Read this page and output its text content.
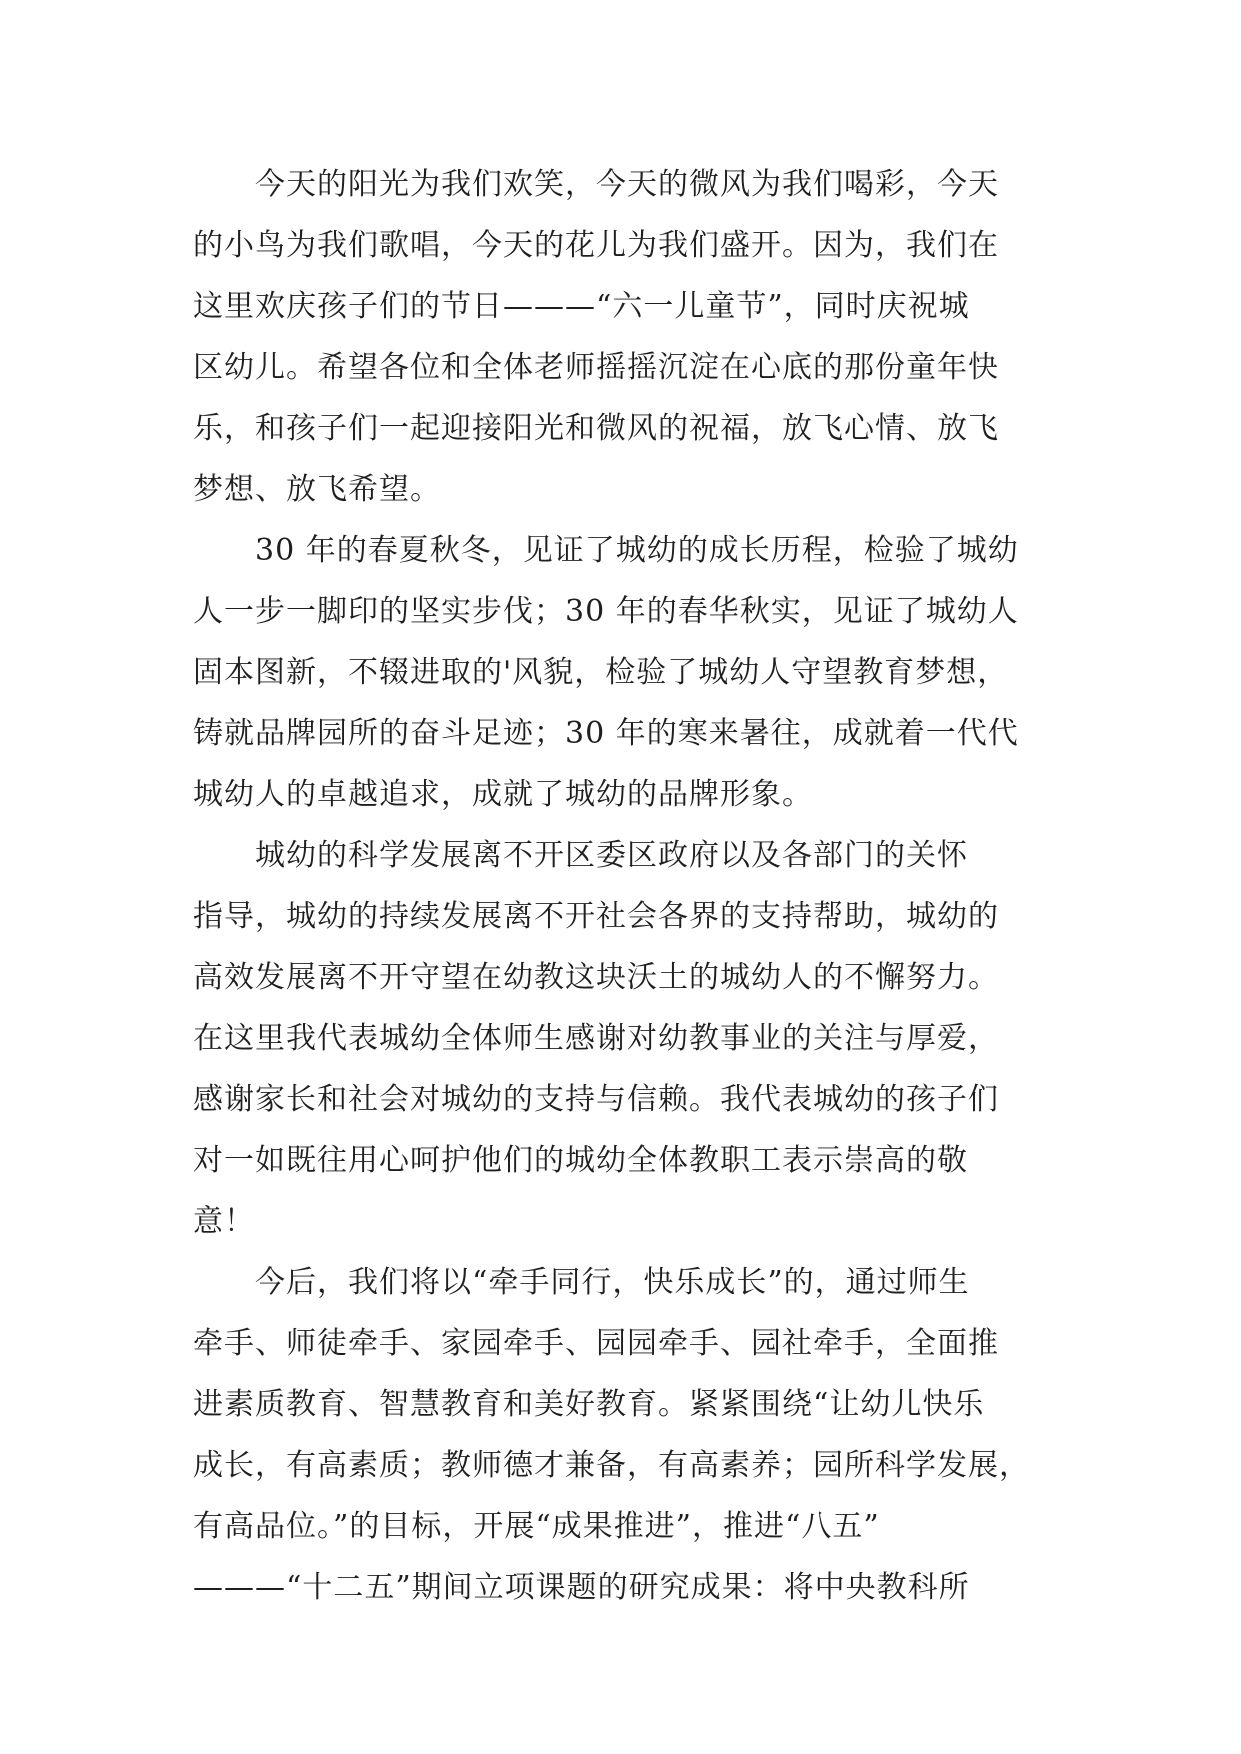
今天的阳光为我们欢笑，今天的微风为我们喝彩，今天
的小鸟为我们歌唱，今天的花儿为我们盛开。因为，我们在
这里欢庆孩子们的节日———“六一儿童节”，同时庆祝城
区幼儿。希望各位和全体老师摇摇沉淀在心底的那份童年快
乐，和孩子们一起迎接阳光和微风的祝福，放飞心情、放飞
梦想、放飞希望。
30 年的春夏秋冬，见证了城幼的成长历程，检验了城幼
人一步一脚印的坚实步伐；30 年的春华秋实，见证了城幼人
固本图新，不辍进取的'风貌，检验了城幼人守望教育梦想，
铸就品牌园所的奋斗足迹；30 年的寒来暑往，成就着一代代
城幼人的卓越追求，成就了城幼的品牌形象。
城幼的科学发展离不开区委区政府以及各部门的关怀
指导，城幼的持续发展离不开社会各界的支持帮助，城幼的
高效发展离不开守望在幼教这块沃土的城幼人的不懈努力。
在这里我代表城幼全体师生感谢对幼教事业的关注与厚爱，
感谢家长和社会对城幼的支持与信赖。我代表城幼的孩子们
对一如既往用心呵护他们的城幼全体教职工表示崇高的敬
意！
今后，我们将以“牵手同行，快乐成长”的，通过师生
牵手、师徒牵手、家园牵手、园园牵手、园社牵手，全面推
进素质教育、智慧教育和美好教育。紧紧围绕“让幼儿快乐
成长，有高素质；教师德才兼备，有高素养；园所科学发展，
有高品位。”的目标，开展“成果推进”，推进“八五”
———“十二五”期间立项课题的研究成果：将中央教科所
